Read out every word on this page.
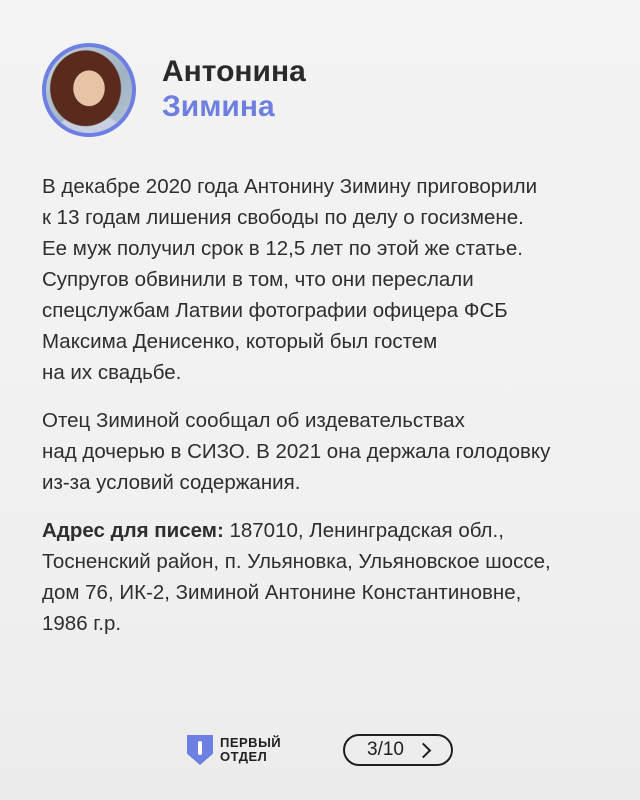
Антонина
Зимина

В декабре 2020 года Антонину Зимину приговорили
к 13 годам лишения свободы по делу о госизмене.
Ее муж получил срок в 12,5 лет по этой же статье.
Супругов обвинили в том, что они переслали
спецслужбам Латвии фотографии офицера ФСБ
Максима Денисенко, который был гостем
на их свадьбе.

Отец Зиминой сообщал об издевательствах
над дочерью в СИЗО. В 2021 она держала голодовку
из-за условий содержания.

Адрес для писем: 187010, Ленинградская обл.,
Тосненский район, п. Ульяновка, Ульяновское шоссе,
дом 76, ИК-2, Зиминой Антонине Константиновне,
1986 г.р.

ПЕРВЫЙ
ОТДЕЛ	3/10
